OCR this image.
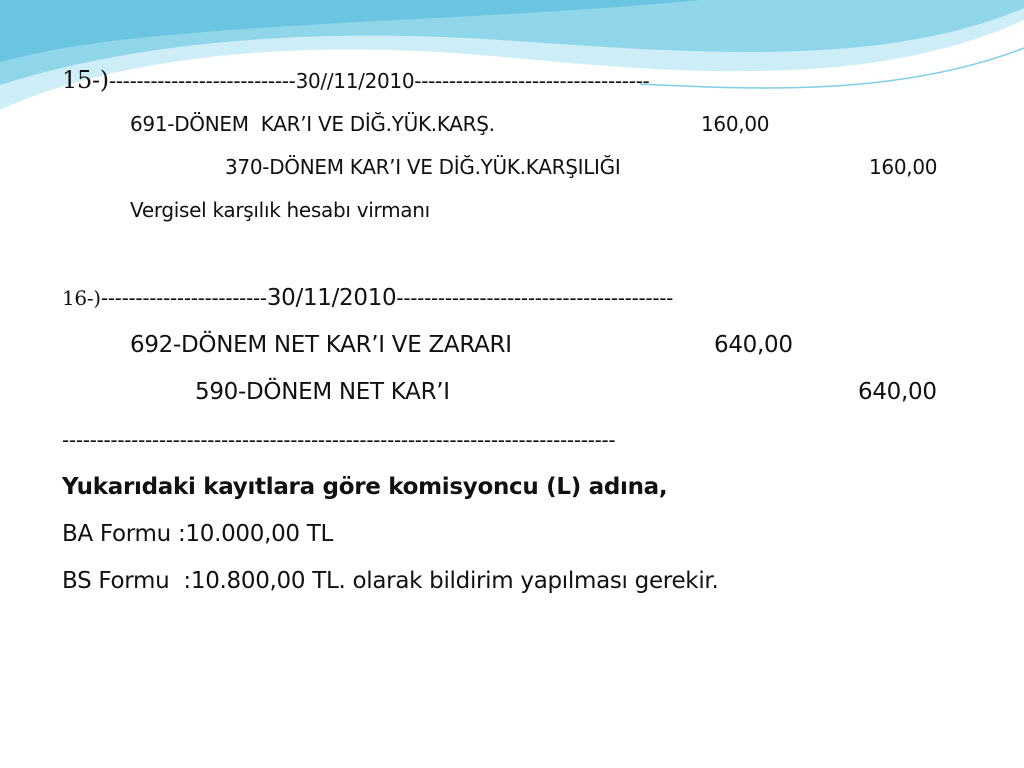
15-)---------------------------30//11/2010----------------------------------
691-DÖNEM  KAR’I VE DİĞ.YÜK.KARŞ.	160,00
370-DÖNEM KAR’I VE DİĞ.YÜK.KARŞILIĞI	160,00
Vergisel karşılık hesabı virmanı
16-)------------------------30/11/2010----------------------------------------
692-DÖNEM NET KAR’I VE ZARARI	640,00
590-DÖNEM NET KAR’I	640,00
--------------------------------------------------------------------------------
Yukarıdaki kayıtlara göre komisyoncu (L) adına,
BA Formu :10.000,00 TL
BS Formu  :10.800,00 TL. olarak bildirim yapılması gerekir.
